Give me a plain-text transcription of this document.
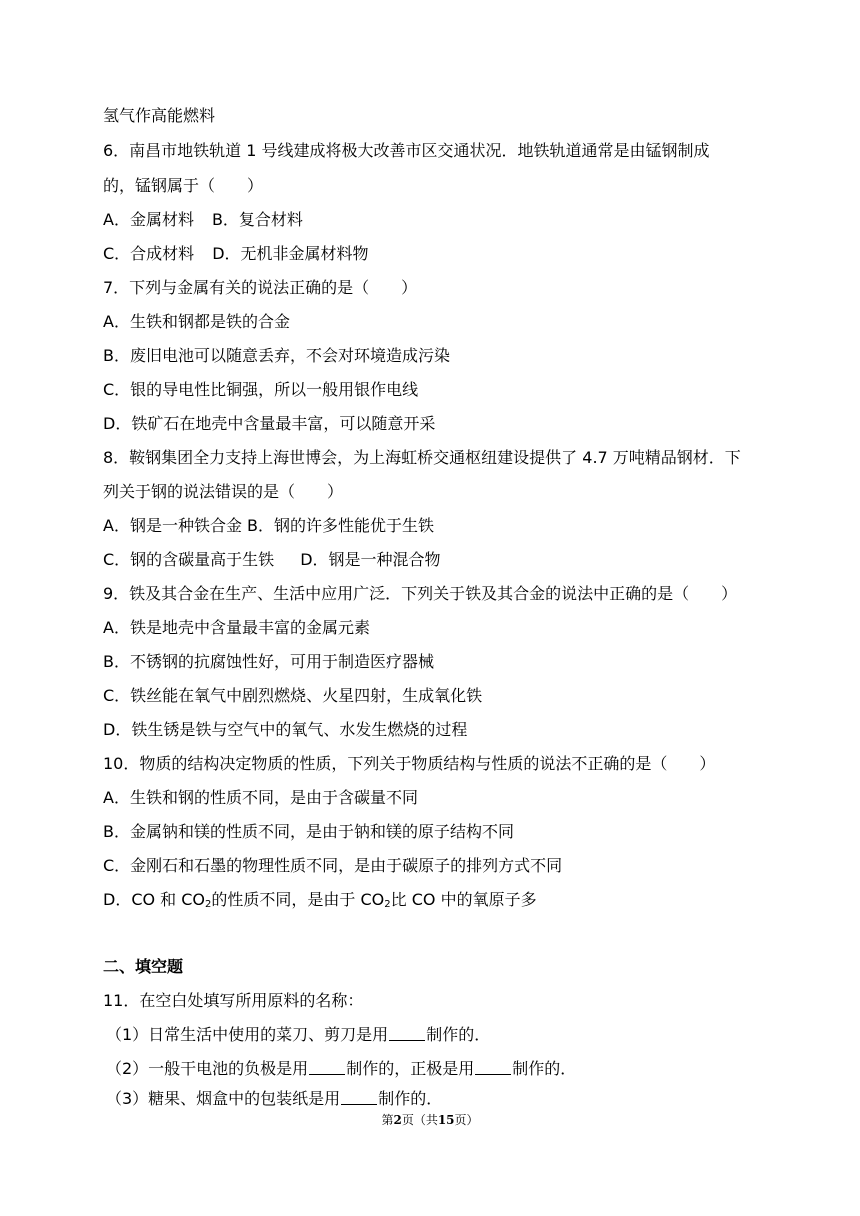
氢气作高能燃料
6．南昌市地铁轨道 1 号线建成将极大改善市区交通状况．地铁轨道通常是由锰钢制成
的，锰钢属于（　　）
A．金属材料 B．复合材料
C．合成材料 D．无机非金属材料物
7．下列与金属有关的说法正确的是（　　）
A．生铁和钢都是铁的合金
B．废旧电池可以随意丢弃，不会对环境造成污染
C．银的导电性比铜强，所以一般用银作电线
D．铁矿石在地壳中含量最丰富，可以随意开采
8．鞍钢集团全力支持上海世博会，为上海虹桥交通枢纽建设提供了 4.7 万吨精品钢材．下
列关于钢的说法错误的是（　　）
A．钢是一种铁合金 B．钢的许多性能优于生铁
C．钢的含碳量高于生铁 D．钢是一种混合物
9．铁及其合金在生产、生活中应用广泛．下列关于铁及其合金的说法中正确的是（　　）
A．铁是地壳中含量最丰富的金属元素
B．不锈钢的抗腐蚀性好，可用于制造医疗器械
C．铁丝能在氧气中剧烈燃烧、火星四射，生成氧化铁
D．铁生锈是铁与空气中的氧气、水发生燃烧的过程
10．物质的结构决定物质的性质，下列关于物质结构与性质的说法不正确的是（　　）
A．生铁和钢的性质不同，是由于含碳量不同
B．金属钠和镁的性质不同，是由于钠和镁的原子结构不同
C．金刚石和石墨的物理性质不同，是由于碳原子的排列方式不同
D．CO 和 $CO_2$的性质不同，是由于 $CO_2$比 CO 中的氧原子多
二、填空题
11．在空白处填写所用原料的名称：
（1）日常生活中使用的菜刀、剪刀是用 制作的．
（2）一般干电池的负极是用 制作的，正极是用 制作的．
（3）糖果、烟盒中的包装纸是用 制作的．
第2页（共15页）
